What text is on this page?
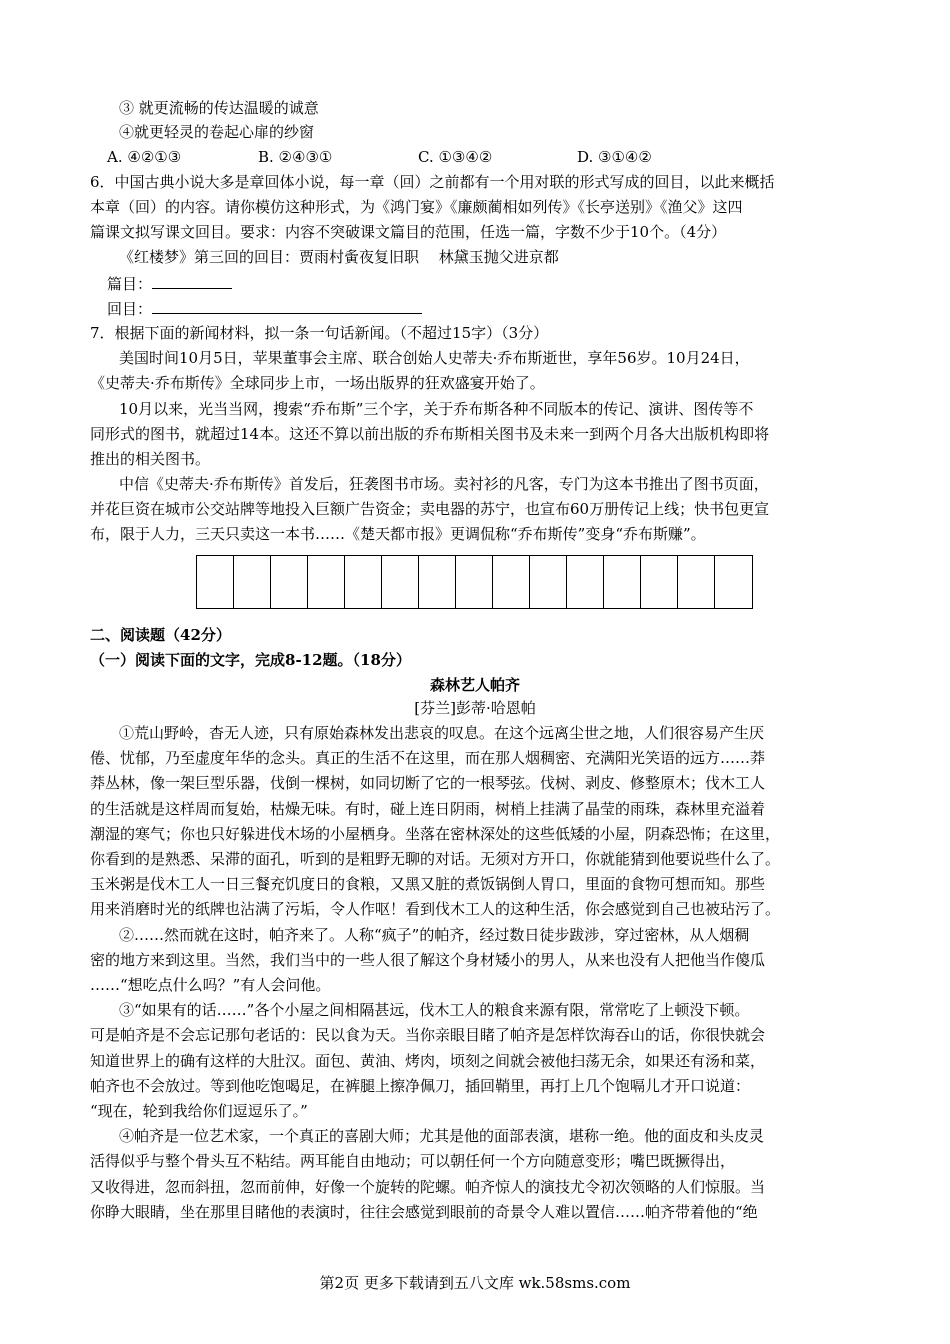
③ 就更流畅的传达温暖的诚意
④就更轻灵的卷起心扉的纱窗
A. ④②①③	B. ②④③①	C. ①③④②	D. ③①④②
6．中国古典小说大多是章回体小说，每一章（回）之前都有一个用对联的形式写成的回目，以此来概括
本章（回）的内容。请你模仿这种形式，为《鸿门宴》《廉颇蔺相如列传》《长亭送别》《渔父》这四
篇课文拟写课文回目。要求：内容不突破课文篇目的范围，任选一篇，字数不少于10个。（4分）
《红楼梦》第三回的回目：贾雨村夤夜复旧职　 林黛玉抛父进京都
篇目：
回目：
7．根据下面的新闻材料，拟一条一句话新闻。（不超过15字）（3分）
美国时间10月5日，苹果董事会主席、联合创始人史蒂夫·乔布斯逝世，享年56岁。10月24日，
《史蒂夫·乔布斯传》全球同步上市，一场出版界的狂欢盛宴开始了。
10月以来，光当当网，搜索“乔布斯”三个字，关于乔布斯各种不同版本的传记、演讲、图传等不
同形式的图书，就超过14本。这还不算以前出版的乔布斯相关图书及未来一到两个月各大出版机构即将
推出的相关图书。
中信《史蒂夫·乔布斯传》首发后，狂袭图书市场。卖衬衫的凡客，专门为这本书推出了图书页面，
并花巨资在城市公交站牌等地投入巨额广告资金；卖电器的苏宁，也宣布60万册传记上线；快书包更宣
布，限于人力，三天只卖这一本书……《楚天都市报》更调侃称“乔布斯传”变身“乔布斯赚”。
二、阅读题（42分）
（一）阅读下面的文字，完成8-12题。（18分）
森林艺人帕齐
[芬兰]彭蒂·哈恩帕
①荒山野岭，杳无人迹，只有原始森林发出悲哀的叹息。在这个远离尘世之地，人们很容易产生厌
倦、忧郁，乃至虚度年华的念头。真正的生活不在这里，而在那人烟稠密、充满阳光笑语的远方……莽
莽丛林，像一架巨型乐器，伐倒一棵树，如同切断了它的一根琴弦。伐树、剥皮、修整原木；伐木工人
的生活就是这样周而复始，枯燥无味。有时，碰上连日阴雨，树梢上挂满了晶莹的雨珠，森林里充溢着
潮湿的寒气；你也只好躲进伐木场的小屋栖身。坐落在密林深处的这些低矮的小屋，阴森恐怖；在这里，
你看到的是熟悉、呆滞的面孔，听到的是粗野无聊的对话。无须对方开口，你就能猜到他要说些什么了。
玉米粥是伐木工人一日三餐充饥度日的食粮，又黑又脏的煮饭锅倒人胃口，里面的食物可想而知。那些
用来消磨时光的纸牌也沾满了污垢，令人作呕！看到伐木工人的这种生活，你会感觉到自己也被玷污了。
②……然而就在这时，帕齐来了。人称“疯子”的帕齐，经过数日徒步跋涉，穿过密林，从人烟稠
密的地方来到这里。当然，我们当中的一些人很了解这个身材矮小的男人，从来也没有人把他当作傻瓜
……“想吃点什么吗？”有人会问他。
③“如果有的话……”各个小屋之间相隔甚远，伐木工人的粮食来源有限，常常吃了上顿没下顿。
可是帕齐是不会忘记那句老话的：民以食为天。当你亲眼目睹了帕齐是怎样饮海吞山的话，你很快就会
知道世界上的确有这样的大肚汉。面包、黄油、烤肉，顷刻之间就会被他扫荡无余，如果还有汤和菜，
帕齐也不会放过。等到他吃饱喝足，在裤腿上擦净佩刀，插回鞘里，再打上几个饱嗝儿才开口说道：
“现在，轮到我给你们逗逗乐了。”
④帕齐是一位艺术家，一个真正的喜剧大师；尤其是他的面部表演，堪称一绝。他的面皮和头皮灵
活得似乎与整个骨头互不粘结。两耳能自由地动；可以朝任何一个方向随意变形；嘴巴既撅得出，
又收得进，忽而斜扭，忽而前伸，好像一个旋转的陀螺。帕齐惊人的演技尤令初次领略的人们惊服。当
你睁大眼睛，坐在那里目睹他的表演时，往往会感觉到眼前的奇景令人难以置信……帕齐带着他的“绝
第2页 更多下载请到五八文库 wk.58sms.com
